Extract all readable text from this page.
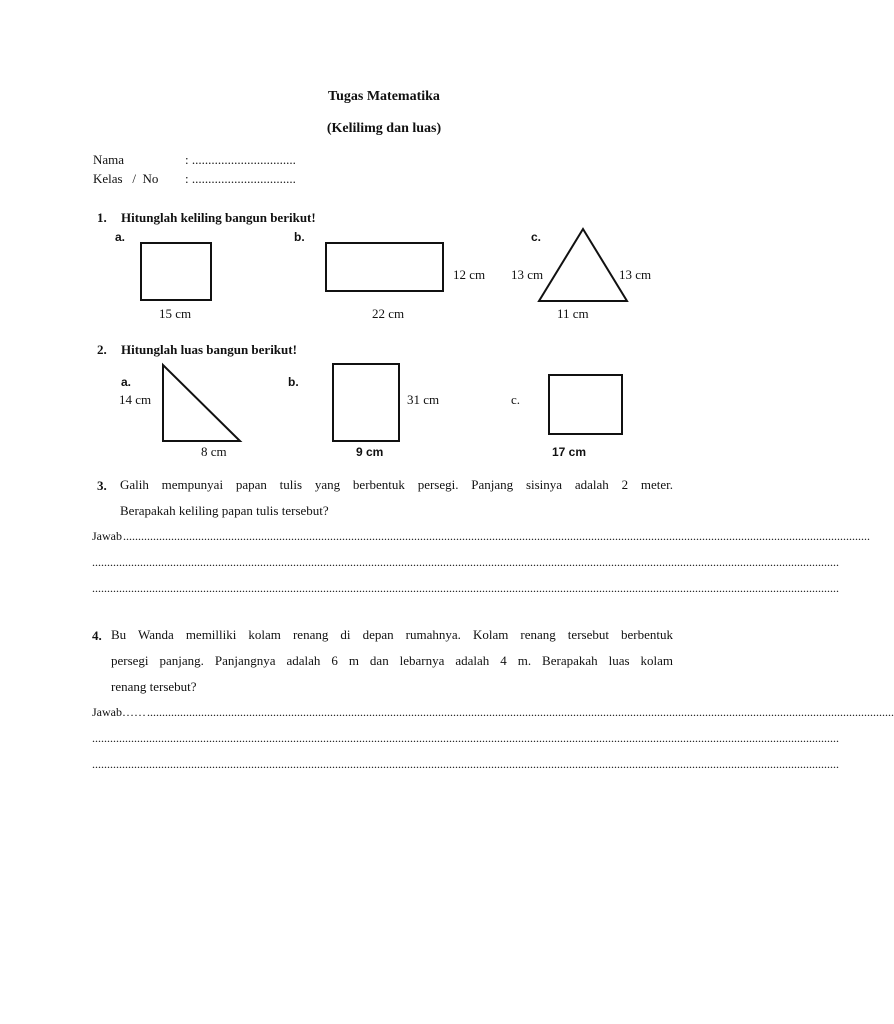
Tugas Matematika
(Kelilimg dan luas)
Nama	: ................................
Kelas   /  No : ................................
1. Hitunglah keliling bangun berikut!
a.
15 cm
b.
12 cm
22 cm
c.
13 cm	13 cm
11 cm
2. Hitunglah luas bangun berikut!
a.
14 cm
8 cm
b.
31 cm
9 cm
c.
17 cm
3. Galih mempunyai papan tulis yang berbentuk persegi. Panjang sisinya adalah 2 meter.
Berapakah keliling papan tulis tersebut?
Jawab.........................................................................................................................................................................................................................................................
.........................................................................................................................................................................................................................................................
.........................................................................................................................................................................................................................................................
4. Bu Wanda memilliki kolam renang di depan rumahnya. Kolam renang tersebut berbentuk
persegi panjang. Panjangnya adalah 6 m dan lebarnya adalah 4 m. Berapakah luas kolam
renang tersebut?
Jawab…….........................................................................................................................................................................................................................................................
.........................................................................................................................................................................................................................................................
.........................................................................................................................................................................................................................................................
